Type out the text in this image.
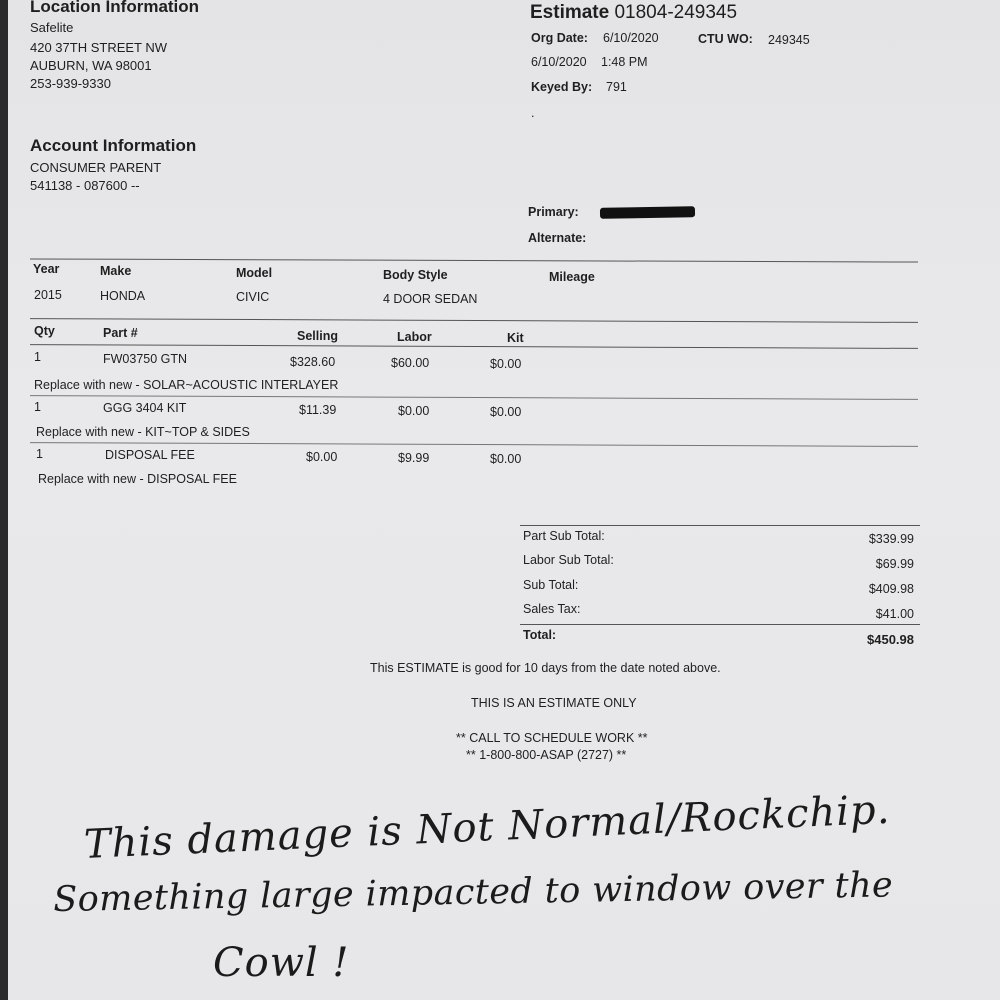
Location Information
Safelite
420 37TH STREET NW
AUBURN, WA 98001
253-939-9330
Estimate 01804-249345
Org Date: 6/10/2020	CTU WO: 249345
6/10/2020 1:48 PM
Keyed By: 791
.
Account Information
CONSUMER PARENT
541138 - 087600 --
Primary:
Alternate:
Year	Make	Model	Body Style	Mileage
2015	HONDA	CIVIC	4 DOOR SEDAN
Qty	Part #	Selling	Labor	Kit
1	FW03750 GTN	$328.60	$60.00	$0.00
Replace with new - SOLAR~ACOUSTIC INTERLAYER
1	GGG 3404 KIT	$11.39	$0.00	$0.00
Replace with new - KIT~TOP & SIDES
1	DISPOSAL FEE	$0.00	$9.99	$0.00
Replace with new - DISPOSAL FEE
Part Sub Total:	$339.99
Labor Sub Total:	$69.99
Sub Total:	$409.98
Sales Tax:	$41.00
Total:	$450.98
This ESTIMATE is good for 10 days from the date noted above.
THIS IS AN ESTIMATE ONLY
** CALL TO SCHEDULE WORK **
** 1-800-800-ASAP (2727) **
This damage is Not Normal/Rockchip.
Something large impacted to window over the
Cowl !
